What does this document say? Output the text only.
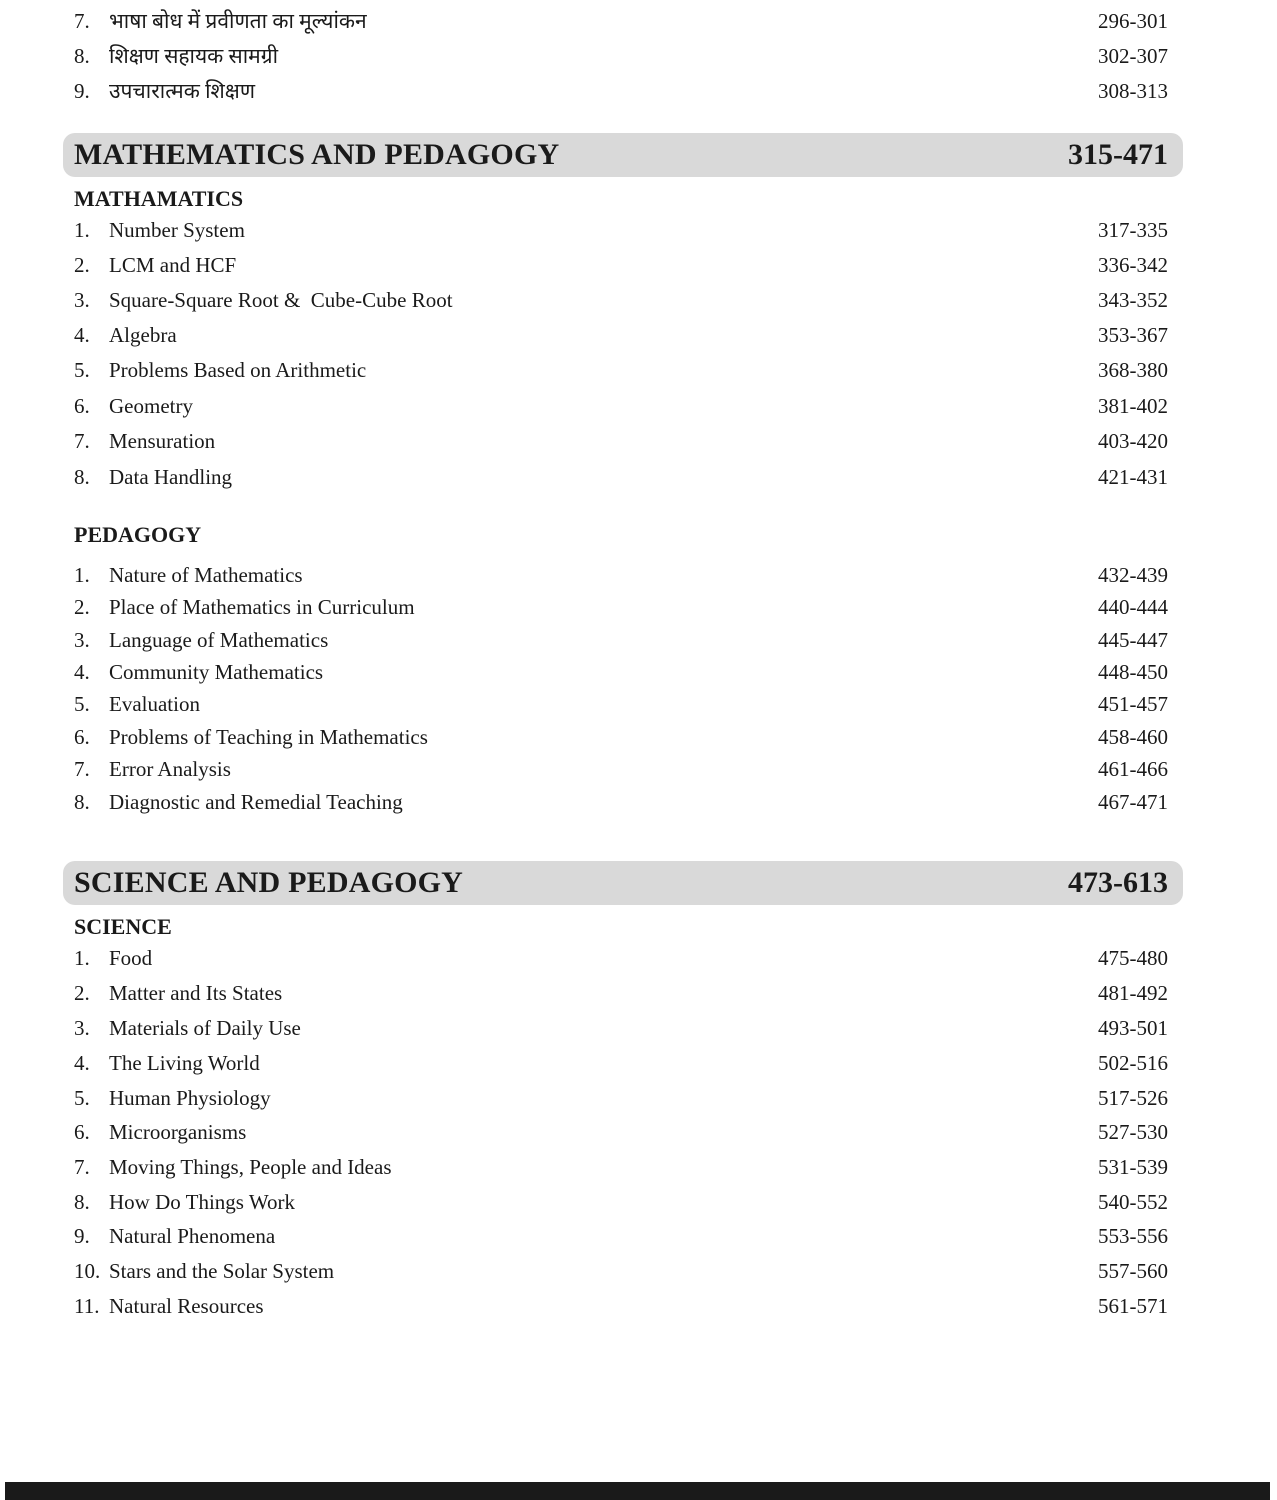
7. भाषा बोध में प्रवीणता का मूल्यांकन	296-301
8. शिक्षण सहायक सामग्री	302-307
9. उपचारात्मक शिक्षण	308-313
MATHEMATICS AND PEDAGOGY	315-471
MATHAMATICS
1. Number System	317-335
2. LCM and HCF	336-342
3. Square-Square Root &  Cube-Cube Root	343-352
4. Algebra	353-367
5. Problems Based on Arithmetic	368-380
6. Geometry	381-402
7. Mensuration	403-420
8. Data Handling	421-431
PEDAGOGY
1. Nature of Mathematics	432-439
2. Place of Mathematics in Curriculum	440-444
3. Language of Mathematics	445-447
4. Community Mathematics	448-450
5. Evaluation	451-457
6. Problems of Teaching in Mathematics	458-460
7. Error Analysis	461-466
8. Diagnostic and Remedial Teaching	467-471
SCIENCE AND PEDAGOGY	473-613
SCIENCE
1. Food	475-480
2. Matter and Its States	481-492
3. Materials of Daily Use	493-501
4. The Living World	502-516
5. Human Physiology	517-526
6. Microorganisms	527-530
7. Moving Things, People and Ideas	531-539
8. How Do Things Work	540-552
9. Natural Phenomena	553-556
10. Stars and the Solar System	557-560
11. Natural Resources	561-571
